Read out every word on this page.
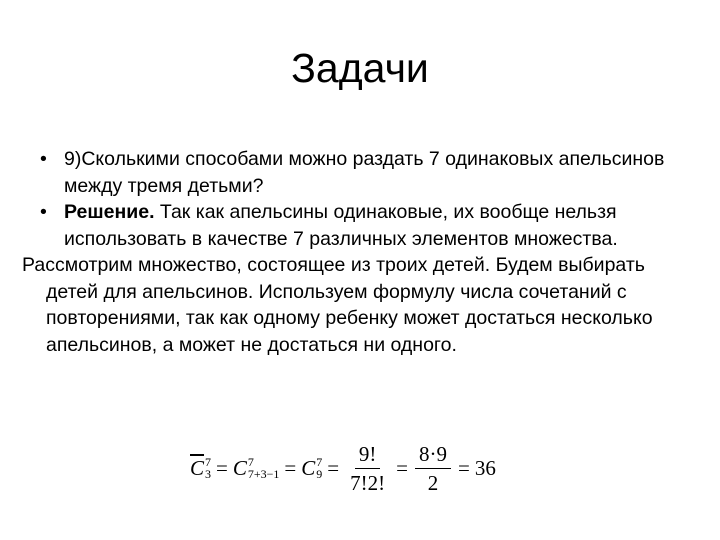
Задачи
• 9)Сколькими способами можно раздать 7 одинаковых апельсинов между тремя детьми?
• Решение. Так как апельсины одинаковые, их вообще нельзя использовать в качестве 7 различных элементов множества.
Рассмотрим множество, состоящее из троих детей. Будем выбирать детей для апельсинов. Используем формулу числа сочетаний с повторениями, так как одному ребенку может достаться несколько апельсинов, а может не достаться ни одного.
$\overline{C}$ 7
3 = C 7
7+3−1 = C 7
$9 = \frac{9!}{7!2!} = \frac{8\cdot 9}{2} = 36$
